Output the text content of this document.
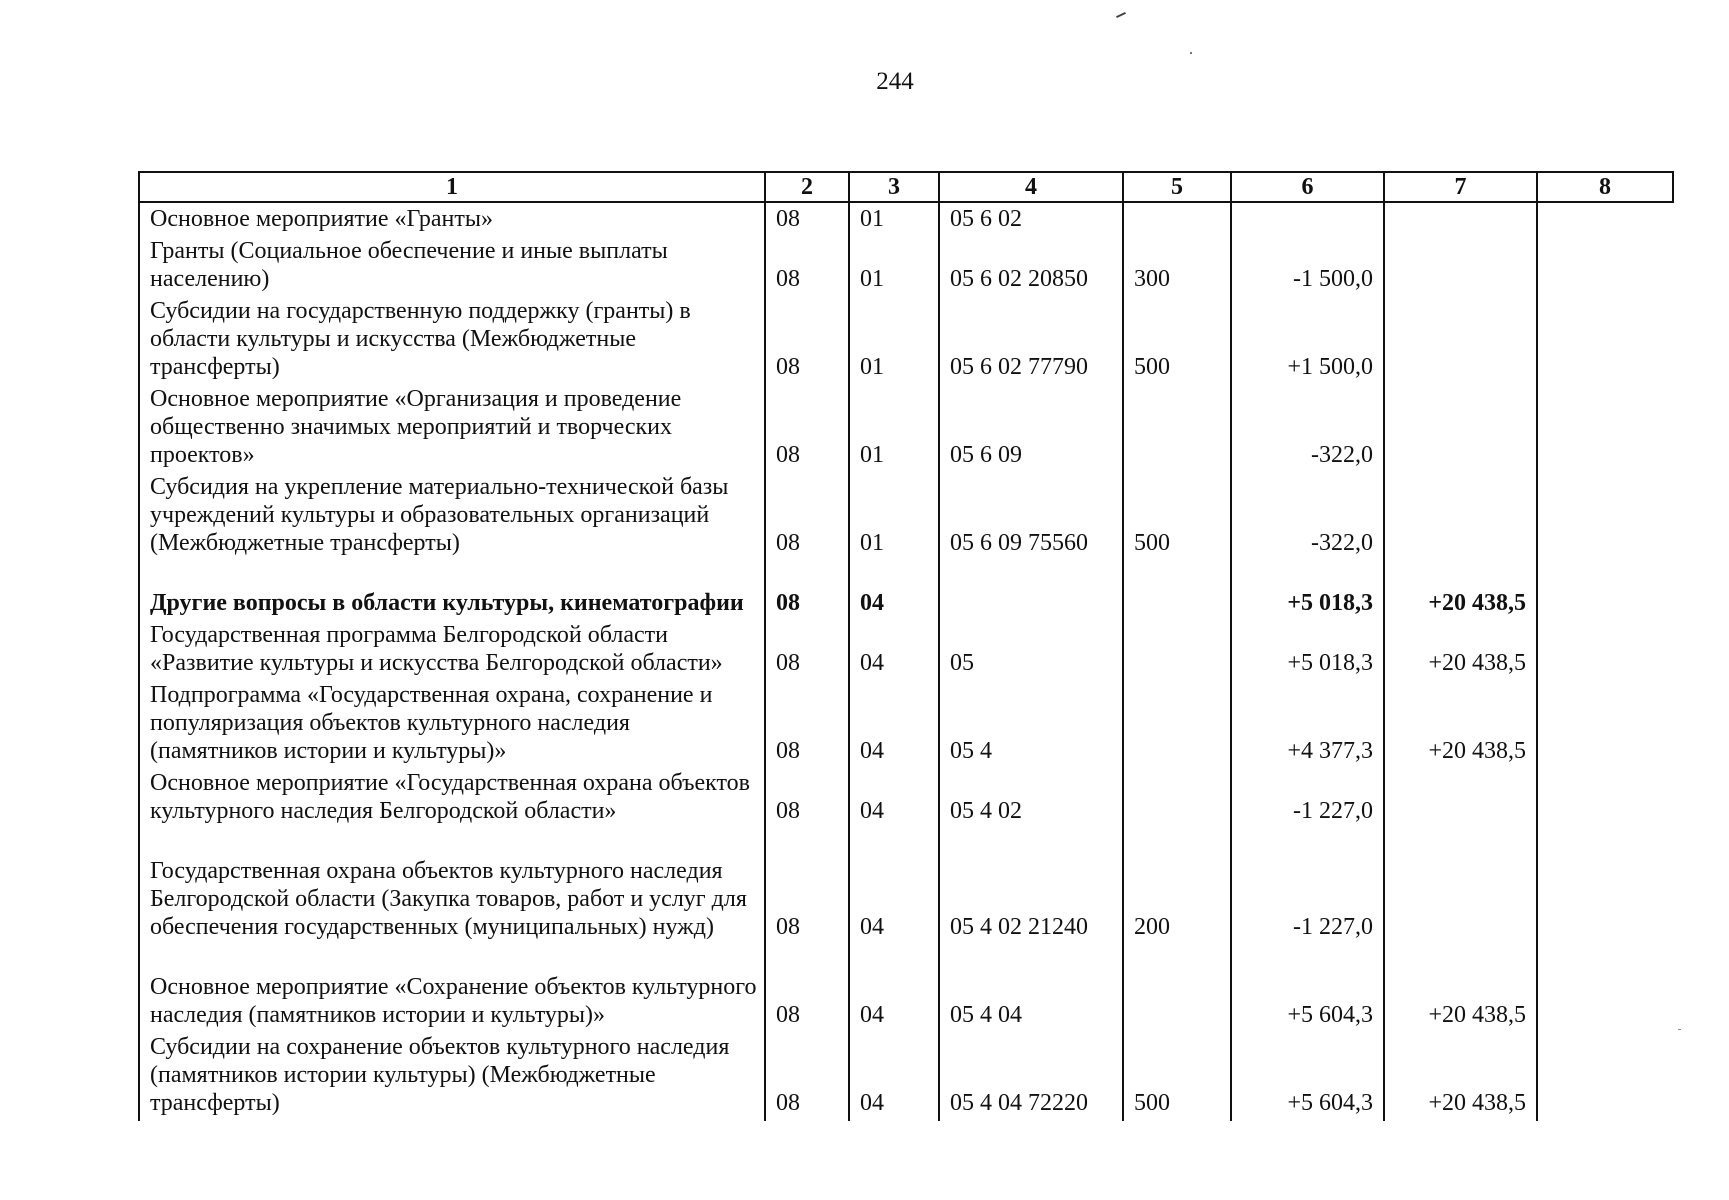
244
1	2	3	4	5	6	7	8
Основное мероприятие «Гранты»	08	01	05 6 02				
Гранты (Социальное обеспечение и иные выплаты населению)	08	01	05 6 02 20850	300	-1 500,0		
Субсидии на государственную поддержку (гранты) в области культуры и искусства (Межбюджетные трансферты)	08	01	05 6 02 77790	500	+1 500,0		
Основное мероприятие «Организация и проведение общественно значимых мероприятий и творческих проектов»	08	01	05 6 09		-322,0		
Субсидия на укрепление материально-технической базы учреждений культуры и образовательных организаций (Межбюджетные трансферты)	08	01	05 6 09 75560	500	-322,0		
Другие вопросы в области культуры, кинематографии	08	04			+5 018,3	+20 438,5	
Государственная программа Белгородской области «Развитие культуры и искусства Белгородской области»	08	04	05		+5 018,3	+20 438,5	
Подпрограмма «Государственная охрана, сохранение и популяризация объектов культурного наследия (памятников истории и культуры)»	08	04	05 4		+4 377,3	+20 438,5	
Основное мероприятие «Государственная охрана объектов культурного наследия Белгородской области»	08	04	05 4 02		-1 227,0		
Государственная охрана объектов культурного наследия Белгородской области (Закупка товаров, работ и услуг для обеспечения государственных (муниципальных) нужд)	08	04	05 4 02 21240	200	-1 227,0		
Основное мероприятие «Сохранение объектов культурного наследия (памятников истории и культуры)»	08	04	05 4 04		+5 604,3	+20 438,5	
Субсидии на сохранение объектов культурного наследия (памятников истории культуры) (Межбюджетные трансферты)	08	04	05 4 04 72220	500	+5 604,3	+20 438,5	
